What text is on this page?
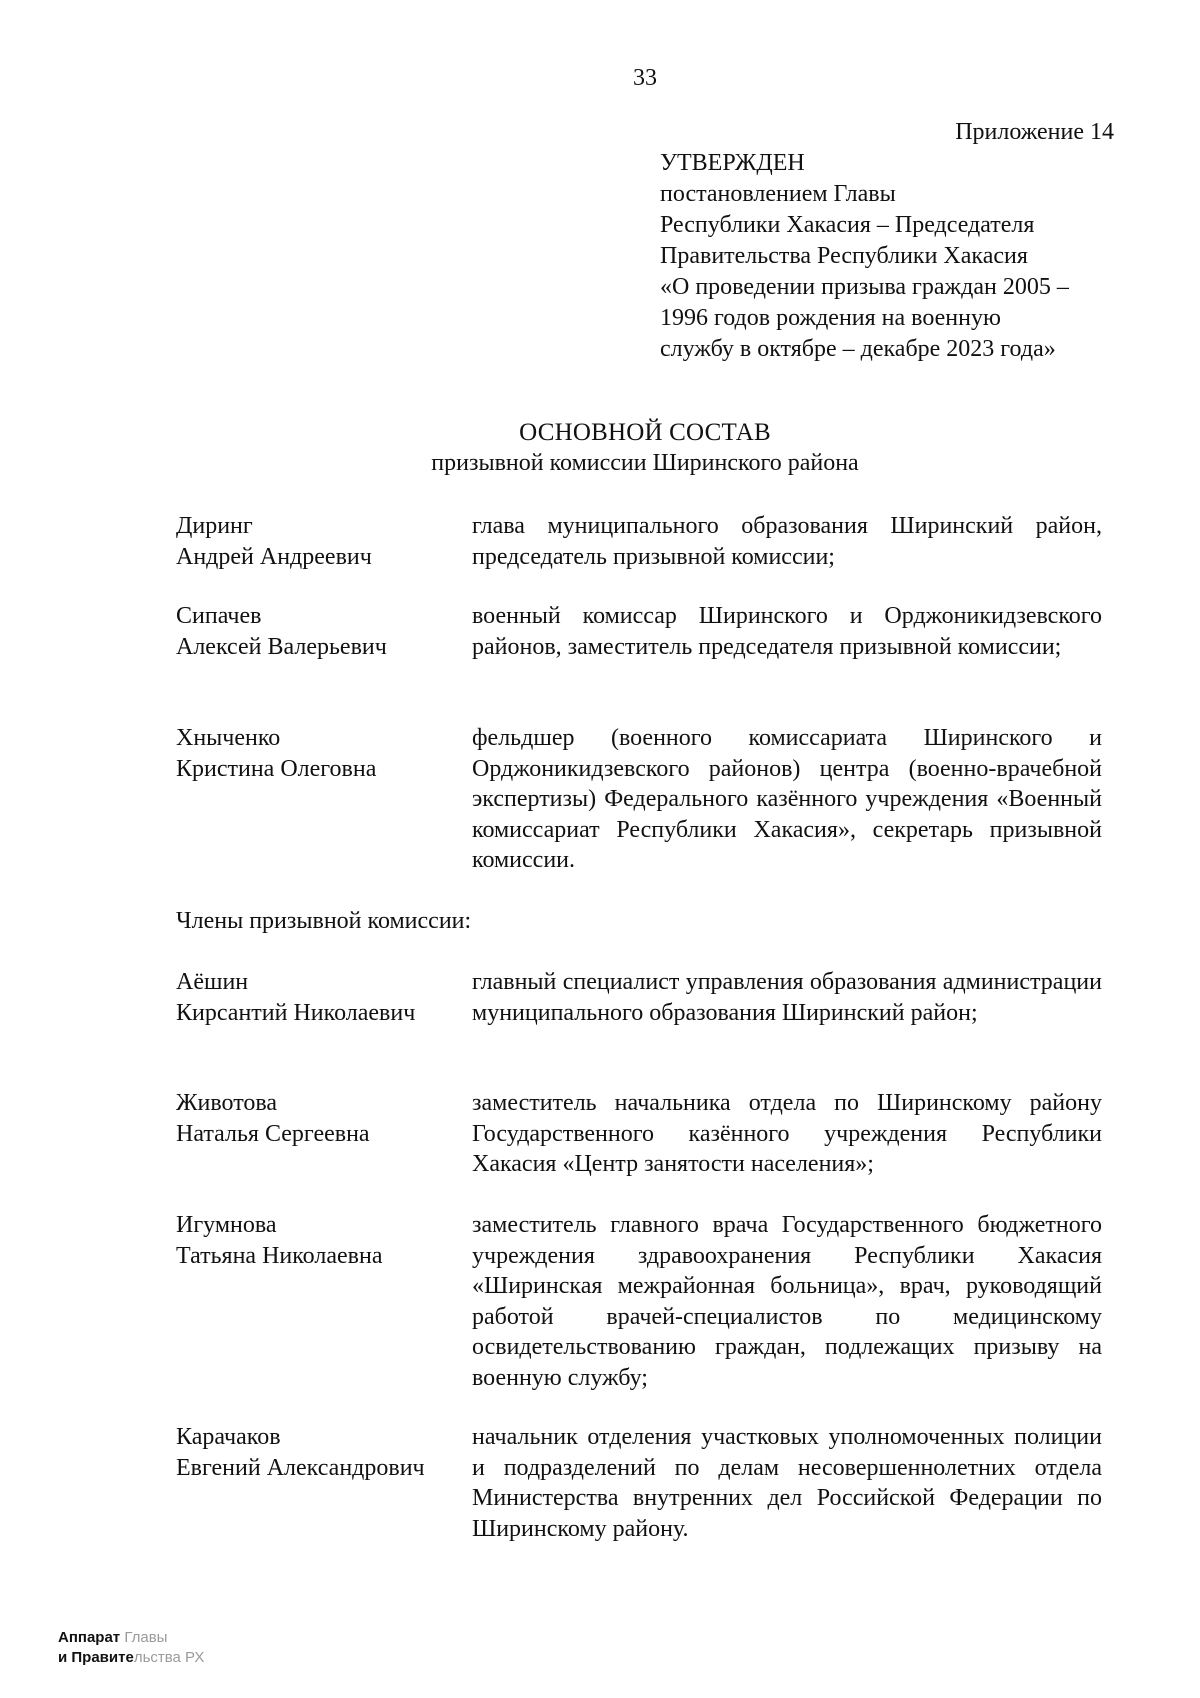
33
Приложение 14
УТВЕРЖДЕН
постановлением Главы
Республики Хакасия – Председателя
Правительства Республики Хакасия
«О проведении призыва граждан 2005 –
1996 годов рождения на военную
службу в октябре – декабре 2023 года»
ОСНОВНОЙ СОСТАВ
призывной комиссии Ширинского района
Диринг
Андрей Андреевич
глава муниципального образования Ширинский район, председатель призывной комиссии;
Сипачев
Алексей Валерьевич
военный комиссар Ширинского и Орджоникидзевского районов, заместитель председателя призывной комиссии;
Хныченко
Кристина Олеговна
фельдшер (военного комиссариата Ширинского и Орджоникидзевского районов) центра (военно-врачебной экспертизы) Федерального казённого учреждения «Военный комиссариат Республики Хакасия», секретарь призывной комиссии.
Члены призывной комиссии:
Аёшин
Кирсантий Николаевич
главный специалист управления образования администрации муниципального образования Ширинский район;
Животова
Наталья Сергеевна
заместитель начальника отдела по Ширинскому району Государственного казённого учреждения Республики Хакасия «Центр занятости населения»;
Игумнова
Татьяна Николаевна
заместитель главного врача Государственного бюджетного учреждения здравоохранения Республики Хакасия «Ширинская межрайонная больница», врач, руководящий работой врачей-специалистов по медицинскому освидетельствованию граждан, подлежащих призыву на военную службу;
Карачаков
Евгений Александрович
начальник отделения участковых уполномоченных полиции и подразделений по делам несовершеннолетних отдела Министерства внутренних дел Российской Федерации по Ширинскому району.
Аппарат Главы
и Правительства РХ
